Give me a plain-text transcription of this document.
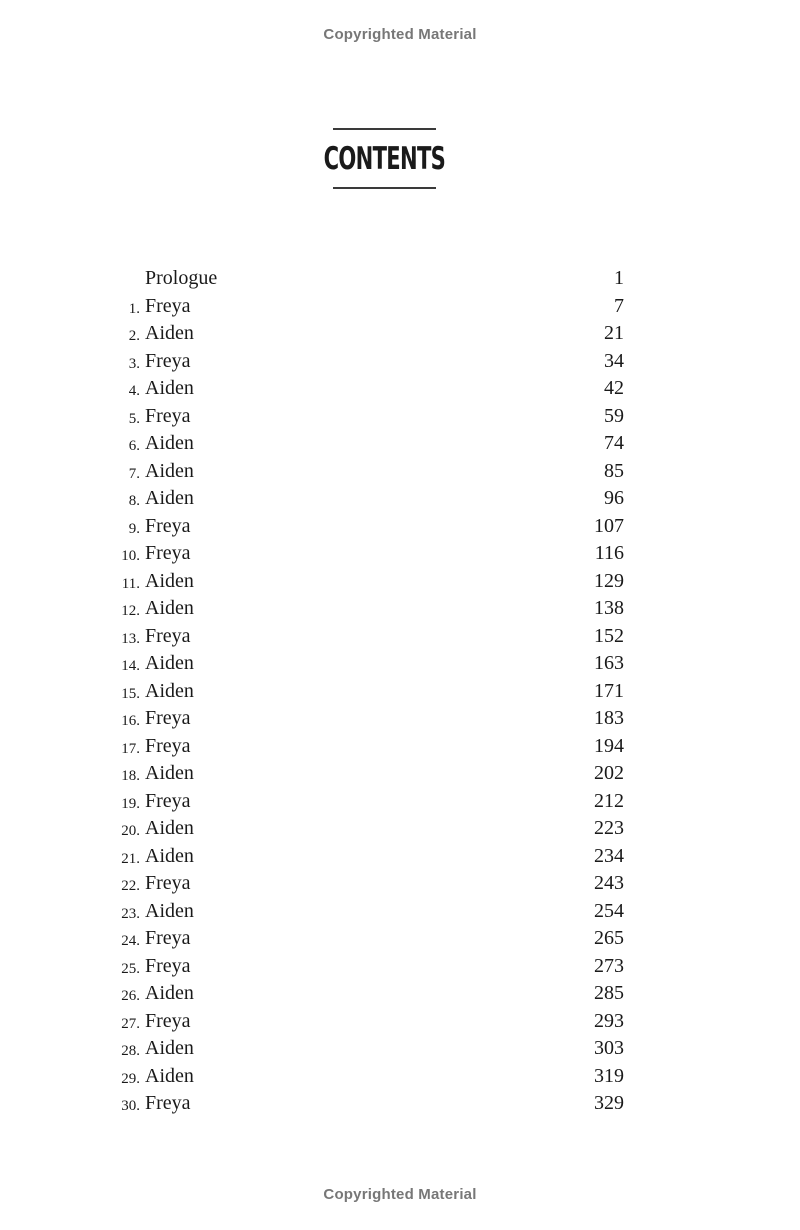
Copyrighted Material
CONTENTS
Prologue	1
1. Freya	7
2. Aiden	21
3. Freya	34
4. Aiden	42
5. Freya	59
6. Aiden	74
7. Aiden	85
8. Aiden	96
9. Freya	107
10. Freya	116
11. Aiden	129
12. Aiden	138
13. Freya	152
14. Aiden	163
15. Aiden	171
16. Freya	183
17. Freya	194
18. Aiden	202
19. Freya	212
20. Aiden	223
21. Aiden	234
22. Freya	243
23. Aiden	254
24. Freya	265
25. Freya	273
26. Aiden	285
27. Freya	293
28. Aiden	303
29. Aiden	319
30. Freya	329
Copyrighted Material
